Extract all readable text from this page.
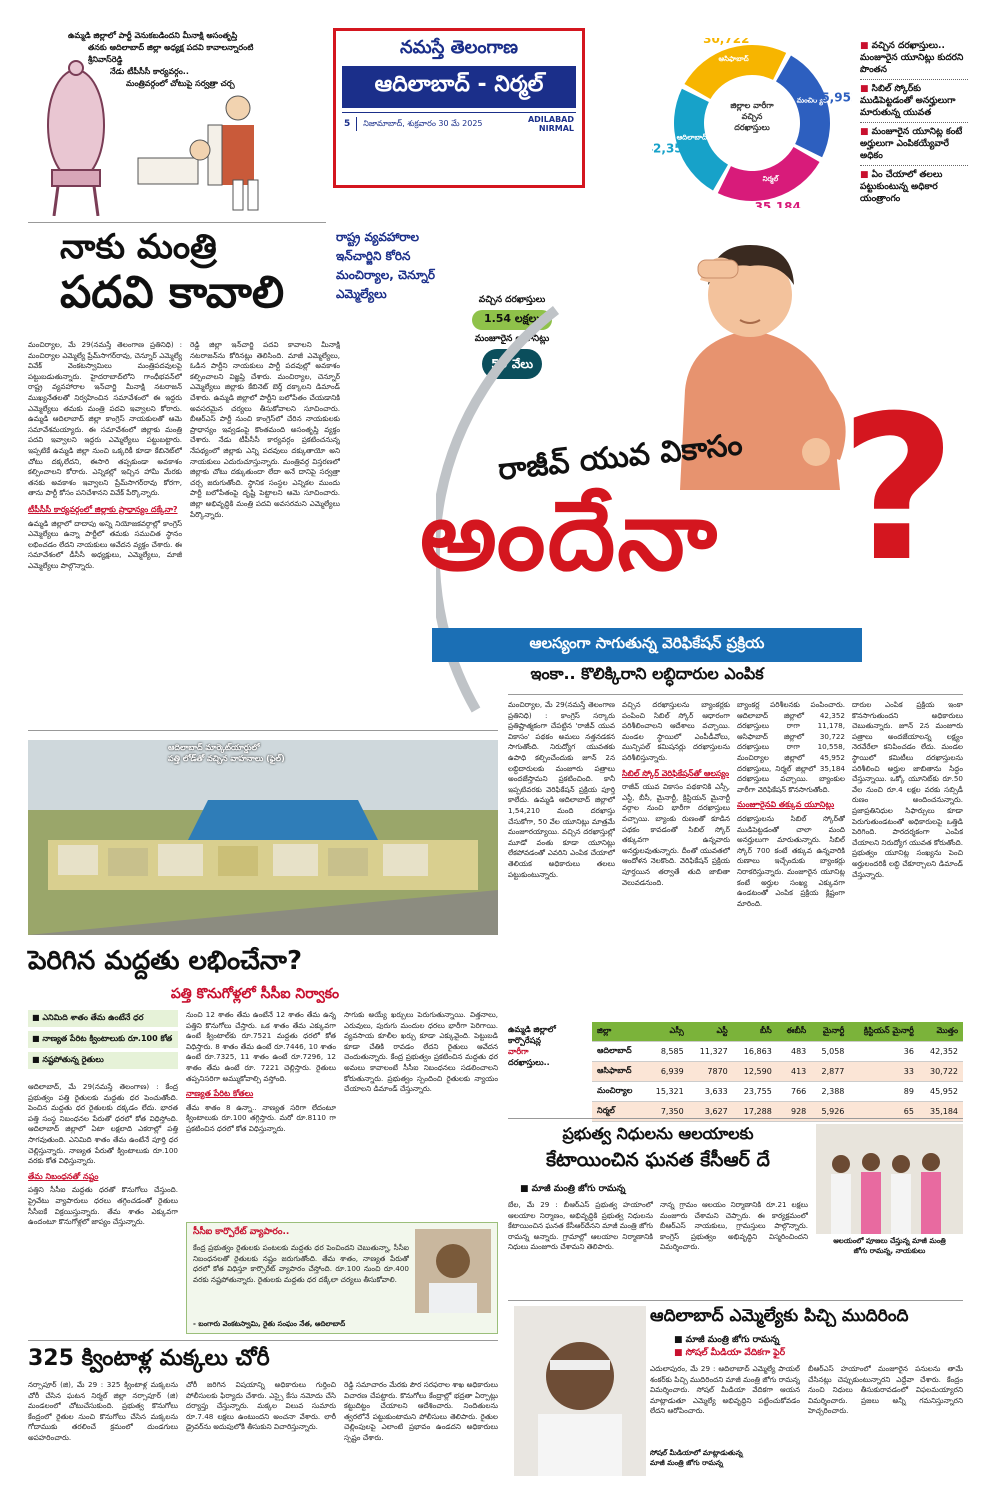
ఉమ్మడి జిల్లాలో పార్టీ వెనుకబడిందని మీనాక్షి అసంతృప్తి
తనకు ఆదిలాబాద్ జిల్లా అధ్యక్ష పదవి కావాలన్నారంటి శ్రీనివాస్‌రెడ్డి
నేడు టీపీసీసీ కార్యవర్గం..
మంత్రివర్గంలో చోటుపై సర్వత్రా చర్చ
నమస్తే తెలంగాణ
ఆదిలాబాద్ - నిర్మల్
5 నిజామాబాద్, శుక్రవారం 30 మే 2025	ADILABAD
NIRMAL
ఆసిఫాబాద్
30,722
మంచిర్యాల
45,95
నిర్మల్
35,184
ఆదిలాబాద్
2,352
జిల్లాల వారీగా
వచ్చిన
దరఖాస్తులు
■ వచ్చిన దరఖాస్తులు.. మంజూరైన యూనిట్లు కుదరని పొంతన
■ సిబిల్ స్కోర్‌కు ముడిపెట్టడంతో అనర్హులుగా మారుతున్న యువత
■ మంజూరైన యూనిట్ల కంటే అర్హులుగా ఎంపికయ్యేవారే అధికం
■ ఏం చేయాలో తలలు పట్టుకుంటున్న అధికార యంత్రాంగం
నాకు మంత్రి
పదవి కావాలి
రాష్ట్ర వ్యవహారాల
ఇన్‌చార్జిని కోరిన
మంచిర్యాల, చెన్నూర్
ఎమ్మెల్యేలు
మంచిర్యాల, మే 29(నమస్తే తెలంగాణ ప్రతినిధి) : మంచిర్యాల ఎమ్మెల్యే ప్రేమ్‌సాగర్‌రావు, చెన్నూర్ ఎమ్మెల్యే వివేక్ వెంకటస్వామిలు మంత్రిపదవులపై పట్టుబడుతున్నారు. హైదరాబాద్‌లోని గాంధీభవన్‌లో రాష్ట్ర వ్యవహారాల ఇన్‌చార్జి మీనాక్షి నటరాజన్ ముఖ్యనేతలతో నిర్వహించిన సమావేశంలో ఈ ఇద్దరు ఎమ్మెల్యేలు తమకు మంత్రి పదవి ఇవ్వాలని కోరారు. ఉమ్మడి ఆదిలాబాద్ జిల్లా కాంగ్రెస్ నాయకులతో ఆమె సమావేశమయ్యారు. ఈ సమావేశంలో జిల్లాకు మంత్రి పదవి ఇవ్వాలని ఇద్దరు ఎమ్మెల్యేలు పట్టుబట్టారు. ఇప్పటికే ఉమ్మడి జిల్లా నుంచి ఒక్కరికీ కూడా కేబినెట్‌లో చోటు దక్కలేదని, ఈసారి తప్పకుండా అవకాశం కల్పించాలని కోరారు. ఎన్నికల్లో ఇచ్చిన హామీ మేరకు తనకు అవకాశం ఇవ్వాలని ప్రేమ్‌సాగర్‌రావు కోరగా, తాను పార్టీ కోసం పనిచేశానని వివేక్ పేర్కొన్నారు.
టీపీసీసీ కార్యవర్గంలో జిల్లాకు ప్రాధాన్యం దక్కేనా?
ఉమ్మడి జిల్లాలో దాదాపు అన్ని నియోజకవర్గాల్లో కాంగ్రెస్ ఎమ్మెల్యేలు ఉన్నా పార్టీలో తమకు సముచిత స్థానం లభించడం లేదని నాయకులు ఆవేదన వ్యక్తం చేశారు. ఈ సమావేశంలో డీసీసీ అధ్యక్షులు, ఎమ్మెల్యేలు, మాజీ ఎమ్మెల్యేలు పాల్గొన్నారు.
రెడ్డి జిల్లా ఇన్‌చార్జి పదవి కావాలని మీనాక్షి నటరాజన్‌ను కోరినట్లు తెలిసింది. మాజీ ఎమ్మెల్యేలు, ఓడిన పార్టీని నాయకులు పార్టీ పదవుల్లో అవకాశం కల్పించాలని విజ్ఞప్తి చేశారు. మంచిర్యాల, చెన్నూర్ ఎమ్మెల్యేలు జిల్లాకు కేబినెట్ బెర్త్ దక్కాలని డిమాండ్ చేశారు. ఉమ్మడి జిల్లాలో పార్టీని బలోపేతం చేయడానికి అవసరమైన చర్యలు తీసుకోవాలని సూచించారు. బీఆర్‌ఎస్ పార్టీ నుంచి కాంగ్రెస్‌లో చేరిన నాయకులకు ప్రాధాన్యం ఇవ్వడంపై కొంతమంది అసంతృప్తి వ్యక్తం చేశారు. నేడు టీపీసీసీ కార్యవర్గం ప్రకటించనున్న నేపథ్యంలో జిల్లాకు ఎన్ని పదవులు దక్కుతాయో అని నాయకులు ఎదురుచూస్తున్నారు. మంత్రివర్గ విస్తరణలో జిల్లాకు చోటు దక్కుతుందా లేదా అనే దానిపై సర్వత్రా చర్చ జరుగుతోంది. స్థానిక సంస్థల ఎన్నికల ముందు పార్టీ బలోపేతంపై దృష్టి పెట్టాలని ఆమె సూచించారు. జిల్లా అభివృద్ధికి మంత్రి పదవి అవసరమని ఎమ్మెల్యేలు పేర్కొన్నారు.
ఆదిలాబాద్ మార్కెట్‌యార్డులో
పత్తి లోడ్‌తో వచ్చిన వాహనాలు (ఫైల్)
పెరిగిన మద్దతు లభించేనా?
పత్తి కొనుగోళ్లలో సీసీఐ నిర్వాకం
■ ఎనిమిది శాతం తేమ ఉంటేనే ధర
■ నాణ్యత పేరిట క్వింటాలుకు రూ.100 కోత
■ నష్టపోతున్న రైతులు
ఆదిలాబాద్, మే 29(నమస్తే తెలంగాణ) : కేంద్ర ప్రభుత్వం పత్తి రైతులకు మద్దతు ధర పెంచుతోంది. పెంచిన మద్దతు ధర రైతులకు దక్కడం లేదు. భారత పత్తి సంస్థ నిబంధనల పేరుతో ధరలో కోత విధిస్తోంది. ఆదిలాబాద్ జిల్లాలో ఏటా లక్షలాది ఎకరాల్లో పత్తి సాగవుతుంది. ఎనిమిది శాతం తేమ ఉంటేనే పూర్తి ధర చెల్లిస్తున్నారు. నాణ్యత పేరుతో క్వింటాలుకు రూ.100 వరకు కోత విధిస్తున్నారు.
తేమ నిబంధనతో నష్టం
పత్తిని సీసీఐ మద్దతు ధరతో కొనుగోలు చేస్తుంది. ప్రైవేటు వ్యాపారులు ధరలు తగ్గించడంతో రైతులు సీసీఐకే విక్రయిస్తున్నారు. తేమ శాతం ఎక్కువగా ఉందంటూ కొనుగోళ్లలో జాప్యం చేస్తున్నారు.
నుంచి 12 శాతం తేమ ఉంటేనే 12 శాతం తేమ ఉన్న పత్తిని కొనుగోలు చేస్తారు. ఒక శాతం తేమ ఎక్కువగా ఉంటే క్వింటాల్‌కు రూ.7521 మద్దతు ధరలో కోత విధిస్తారు. 8 శాతం తేమ ఉంటే రూ.7446, 10 శాతం ఉంటే రూ.7325, 11 శాతం ఉంటే రూ.7296, 12 శాతం తేమ ఉంటే రూ. 7221 చెల్లిస్తారు. రైతులు తప్పనిసరిగా అమ్ముకోవాల్సి వస్తోంది.
నాణ్యత పేరిట కోతలు
తేమ శాతం 8 ఉన్నా.. నాణ్యత సరిగా లేదంటూ క్వింటాలుకు రూ.100 తగ్గిస్తారు. మరో రూ.8110 గా ప్రకటించిన ధరలో కోత విధిస్తున్నారు.
సాగుకు అయ్యే ఖర్చులు పెరుగుతున్నాయి. విత్తనాలు, ఎరువులు, పురుగు మందుల ధరలు భారీగా పెరిగాయి. వ్యవసాయ కూలీల ఖర్చు కూడా ఎక్కువైంది. పెట్టుబడి కూడా చేతికి రావడం లేదని రైతులు ఆవేదన చెందుతున్నారు. కేంద్ర ప్రభుత్వం ప్రకటించిన మద్దతు ధర అమలు కావాలంటే సీసీఐ నిబంధనలు సడలించాలని కోరుతున్నారు. ప్రభుత్వం స్పందించి రైతులకు న్యాయం చేయాలని డిమాండ్ చేస్తున్నారు.
సీసీఐ కార్పొరేట్ వ్యాపారం..
కేంద్ర ప్రభుత్వం రైతులకు పంటలకు మద్దతు ధర పెంచిందని చెబుతున్నా, సీసీఐ నిబంధనలతో రైతులకు నష్టం జరుగుతోంది. తేమ శాతం, నాణ్యత పేరుతో ధరలో కోత విధిస్తూ కార్పొరేట్ వ్యాపారం చేస్తోంది. రూ.100 నుంచి రూ.400 వరకు నష్టపోతున్నారు. రైతులకు మద్దతు ధర దక్కేలా చర్యలు తీసుకోవాలి.
- బంగారు వెంకటస్వామి, రైతు సంఘం నేత, ఆదిలాబాద్
325 క్వింటాళ్ల మక్కలు చోరీ
నర్సాపూర్ (జి), మే 29 : 325 క్వింటాళ్ల మక్కలను చోరీ చేసిన ఘటన నిర్మల్ జిల్లా నర్సాపూర్ (జి) మండలంలో చోటుచేసుకుంది. ప్రభుత్వ కొనుగోలు కేంద్రంలో రైతుల నుంచి కొనుగోలు చేసిన మక్కలను గోదాముకు తరలించే క్రమంలో దుండగులు అపహరించారు.
చోరీ జరిగిన విషయాన్ని అధికారులు గుర్తించి పోలీసులకు ఫిర్యాదు చేశారు. ఎస్సై కేసు నమోదు చేసి దర్యాప్తు చేస్తున్నారు. మక్కల విలువ సుమారు రూ.7.48 లక్షలు ఉంటుందని అంచనా వేశారు. లారీ డ్రైవర్‌ను అదుపులోకి తీసుకుని విచారిస్తున్నారు.
రెడ్డి సమాచారం మేరకు పౌర సరఫరాల శాఖ అధికారులు విచారణ చేపట్టారు. కొనుగోలు కేంద్రాల్లో భద్రతా ఏర్పాట్లు కట్టుదిట్టం చేయాలని ఆదేశించారు. నిందితులను త్వరలోనే పట్టుకుంటామని పోలీసులు తెలిపారు. రైతుల చెల్లింపులపై ఎలాంటి ప్రభావం ఉండదని అధికారులు స్పష్టం చేశారు.
వచ్చిన దరఖాస్తులు
1.54 లక్షలు
మంజూరైన యూనిట్లు
50 వేలు
రాజీవ్ యువ వికాసం
అందేనా ?
ఆలస్యంగా సాగుతున్న వెరిఫికేషన్ ప్రక్రియ
ఇంకా.. కొలిక్కిరాని లబ్ధిదారుల ఎంపిక
మంచిర్యాల, మే 29(నమస్తే తెలంగాణ ప్రతినిధి) : కాంగ్రెస్ సర్కారు ప్రతిష్టాత్మకంగా చేపట్టిన 'రాజీవ్ యువ వికాసం' పథకం అమలు నత్తనడకన సాగుతోంది. నిరుద్యోగ యువతకు ఉపాధి కల్పించేందుకు జూన్ 2న లబ్ధిదారులకు మంజూరు పత్రాలు అందజేస్తామని ప్రకటించింది. కానీ ఇప్పటివరకు వెరిఫికేషన్ ప్రక్రియ పూర్తి కాలేదు. ఉమ్మడి ఆదిలాబాద్ జిల్లాలో 1,54,210 మంది దరఖాస్తు చేసుకోగా, 50 వేల యూనిట్లు మాత్రమే మంజూరయ్యాయి. వచ్చిన దరఖాస్తుల్లో మూడో వంతు కూడా యూనిట్లు లేకపోవడంతో ఎవరిని ఎంపిక చేయాలో తెలియక అధికారులు తలలు పట్టుకుంటున్నారు.
వచ్చిన దరఖాస్తులను బ్యాంకర్లకు పంపించి సిబిల్ స్కోర్ ఆధారంగా పరిశీలించాలని ఆదేశాలు వచ్చాయి. మండల స్థాయిలో ఎంపీడీవోలు, మున్సిపల్ కమిషనర్లు దరఖాస్తులను పరిశీలిస్తున్నారు.
సిబిల్ స్కోర్ వెరిఫికేషన్‌తో ఆలస్యం
రాజీవ్ యువ వికాసం పథకానికి ఎస్సీ, ఎస్టీ, బీసీ, మైనార్టీ, క్రిస్టియన్ మైనార్టీ వర్గాల నుంచి భారీగా దరఖాస్తులు వచ్చాయి. బ్యాంకు రుణంతో కూడిన పథకం కావడంతో సిబిల్ స్కోర్ తక్కువగా ఉన్నవారు అనర్హులవుతున్నారు. దీంతో యువతలో ఆందోళన నెలకొంది. వెరిఫికేషన్ ప్రక్రియ పూర్తయిన తర్వాతే తుది జాబితా వెలువడనుంది.
బ్యాంకర్ల పరిశీలనకు పంపించారు. ఆదిలాబాద్ జిల్లాలో 42,352 దరఖాస్తులు రాగా 11,178, ఆసిఫాబాద్ జిల్లాలో 30,722 దరఖాస్తులు రాగా 10,558, మంచిర్యాల జిల్లాలో 45,952 దరఖాస్తులు, నిర్మల్ జిల్లాలో 35,184 దరఖాస్తులు వచ్చాయి. బ్యాంకుల వారీగా వెరిఫికేషన్ కొనసాగుతోంది.
మంజూరైనవి తక్కువ యూనిట్లు
దరఖాస్తులను సిబిల్ స్కోర్‌తో ముడిపెట్టడంతో చాలా మంది అనర్హులుగా మారుతున్నారు. సిబిల్ స్కోర్ 700 కంటే తక్కువ ఉన్నవారికి రుణాలు ఇచ్చేందుకు బ్యాంకర్లు నిరాకరిస్తున్నారు. మంజూరైన యూనిట్ల కంటే అర్హుల సంఖ్య ఎక్కువగా ఉండటంతో ఎంపిక ప్రక్రియ క్లిష్టంగా మారింది.
దారుల ఎంపిక ప్రక్రియ ఇంకా కొనసాగుతుందని అధికారులు చెబుతున్నారు. జూన్ 2న మంజూరు పత్రాలు అందజేయాలన్న లక్ష్యం నెరవేరేలా కనిపించడం లేదు. మండల స్థాయిలో కమిటీలు దరఖాస్తులను పరిశీలించి అర్హుల జాబితాను సిద్ధం చేస్తున్నాయి. ఒక్కో యూనిట్‌కు రూ.50 వేల నుంచి రూ.4 లక్షల వరకు సబ్సిడీ రుణం అందించనున్నారు. ప్రజాప్రతినిధుల సిఫార్సులు కూడా పెరుగుతుండటంతో అధికారులపై ఒత్తిడి పెరిగింది. పారదర్శకంగా ఎంపిక చేయాలని నిరుద్యోగ యువత కోరుతోంది. ప్రభుత్వం యూనిట్ల సంఖ్యను పెంచి అర్హులందరికీ లబ్ధి చేకూర్చాలని డిమాండ్ చేస్తున్నారు.
ఉమ్మడి జిల్లాలో
కార్పొరేషన్ల
వారీగా
దరఖాస్తులు..
జిల్లా	ఎస్సీ	ఎస్టీ	బీసీ	ఈబీసీ	మైనార్టీ	క్రిస్టియన్ మైనార్టీ	మొత్తం
ఆదిలాబాద్	8,585	11,327	16,863	483	5,058	36	42,352
ఆసిఫాబాద్	6,939	7870	12,590	413	2,877	33	30,722
మంచిర్యాల	15,321	3,633	23,755	766	2,388	89	45,952
నిర్మల్	7,350	3,627	17,288	928	5,926	65	35,184
ప్రభుత్వ నిధులను ఆలయాలకు
కేటాయించిన ఘనత కేసీఆర్ దే
■ మాజీ మంత్రి జోగు రామన్న
బేల, మే 29 : బీఆర్‌ఎస్ ప్రభుత్వ హయాంలో ఆలయాల నిర్మాణం, అభివృద్ధికి ప్రభుత్వ నిధులను కేటాయించిన ఘనత కేసీఆర్‌దేనని మాజీ మంత్రి జోగు రామన్న అన్నారు. గ్రామాల్లో ఆలయాల నిర్మాణానికి నిధులు మంజూరు చేశామని తెలిపారు.
నాన్న గ్రామం ఆలయం నిర్మాణానికి రూ.21 లక్షలు మంజూరు చేశామని చెప్పారు. ఈ కార్యక్రమంలో బీఆర్‌ఎస్ నాయకులు, గ్రామస్తులు పాల్గొన్నారు. కాంగ్రెస్ ప్రభుత్వం అభివృద్ధిని విస్మరించిందని విమర్శించారు.
ఆలయంలో పూజలు చేస్తున్న మాజీ మంత్రి
జోగు రామన్న, నాయకులు
సోషల్ మీడియాలో మాట్లాడుతున్న
మాజీ మంత్రి జోగు రామన్న
ఆదిలాబాద్ ఎమ్మెల్యేకు పిచ్చి ముదిరింది
■ మాజీ మంత్రి జోగు రామన్న
■ సోషల్ మీడియా వేదికగా ఫైర్
ఎదులాపురం, మే 29 : ఆదిలాబాద్ ఎమ్మెల్యే పాయల్ శంకర్‌కు పిచ్చి ముదిరిందని మాజీ మంత్రి జోగు రామన్న విమర్శించారు. సోషల్ మీడియా వేదికగా ఆయన మాట్లాడుతూ ఎమ్మెల్యే అభివృద్ధిని పట్టించుకోవడం లేదని ఆరోపించారు.
బీఆర్‌ఎస్ హయాంలో మంజూరైన పనులను తామే చేసినట్లు చెప్పుకుంటున్నారని ఎద్దేవా చేశారు. కేంద్రం నుంచి నిధులు తీసుకురావడంలో విఫలమయ్యారని విమర్శించారు. ప్రజలు అన్నీ గమనిస్తున్నారని హెచ్చరించారు.
